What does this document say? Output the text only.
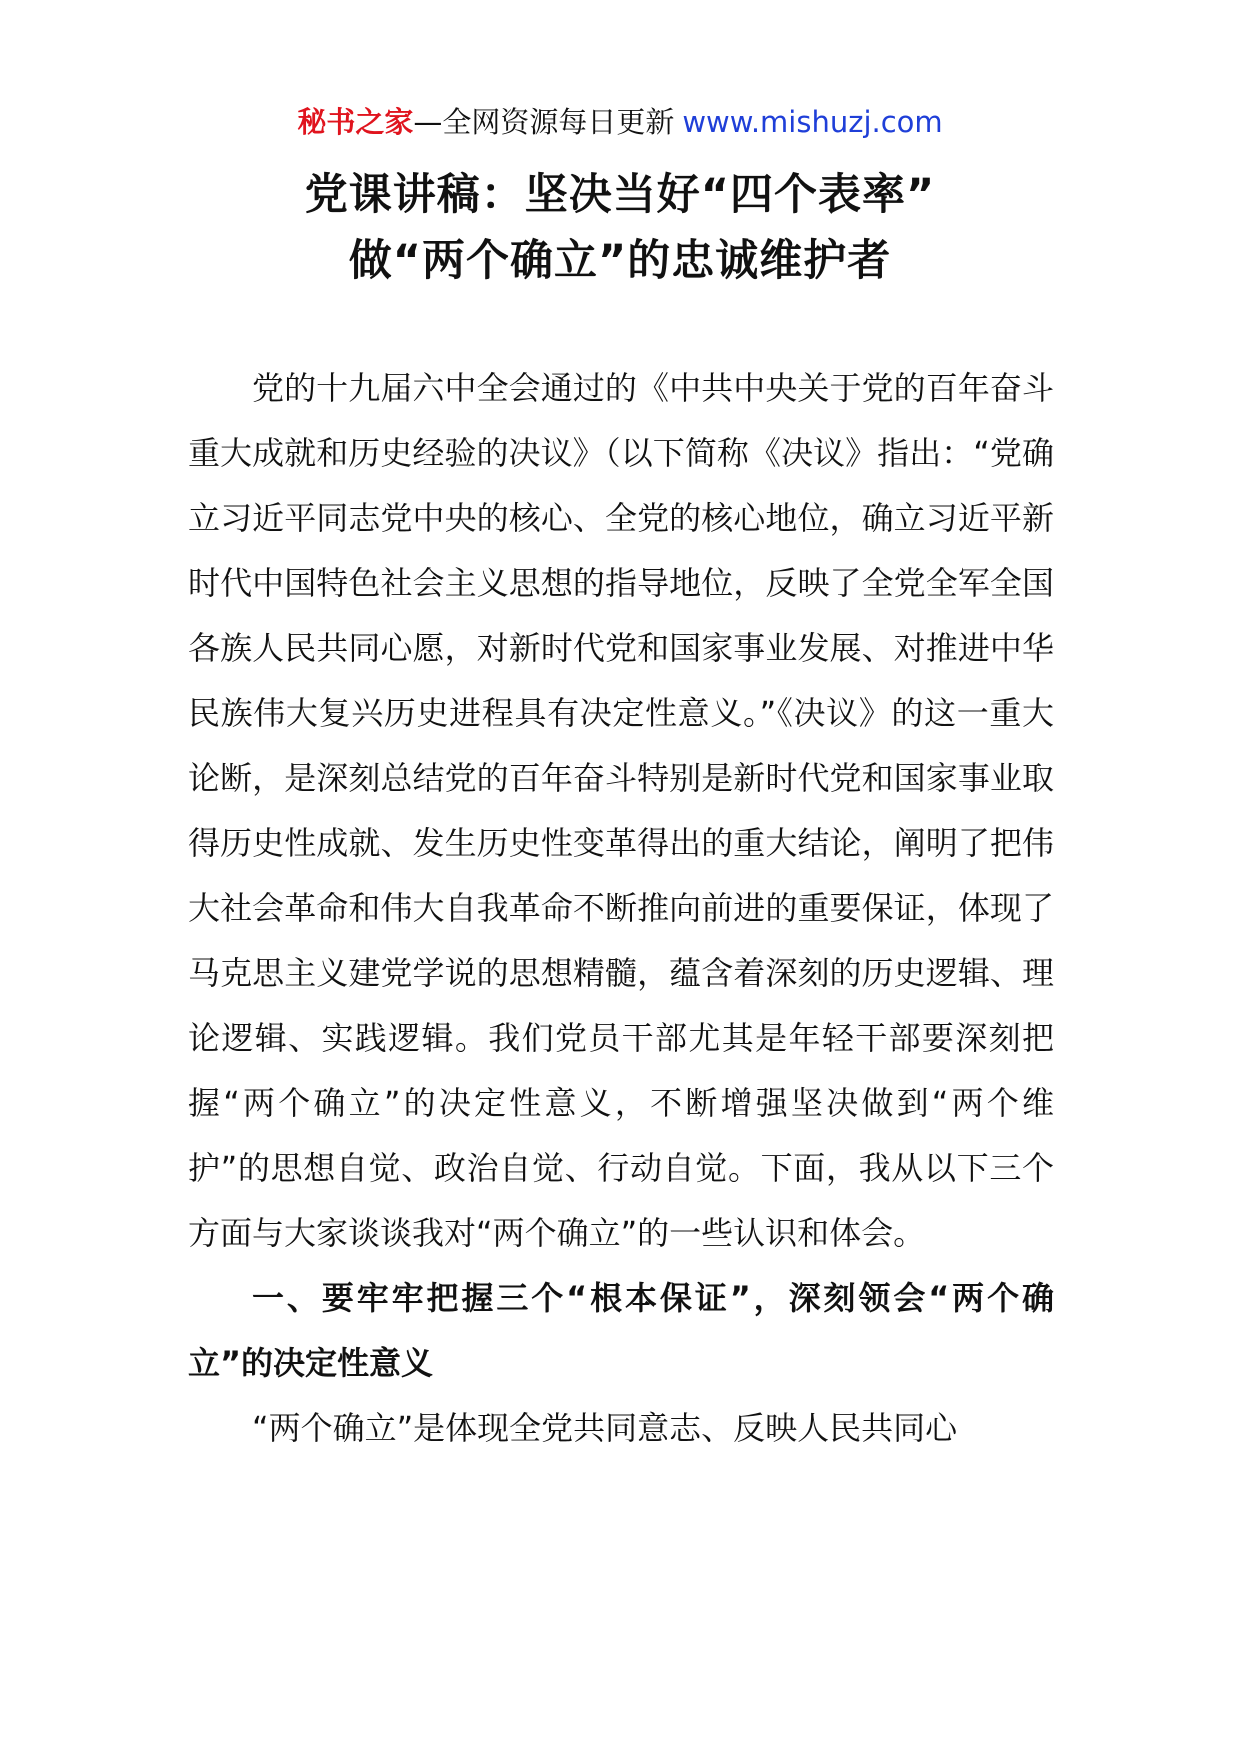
秘书之家—全网资源每日更新 www.mishuzj.com
党课讲稿：坚决当好“四个表率”
做“两个确立”的忠诚维护者

党的十九届六中全会通过的《中共中央关于党的百年奋斗重大成就和历史经验的决议》（以下简称《决议》指出：“党确立习近平同志党中央的核心、全党的核心地位，确立习近平新时代中国特色社会主义思想的指导地位，反映了全党全军全国各族人民共同心愿，对新时代党和国家事业发展、对推进中华民族伟大复兴历史进程具有决定性意义。”《决议》的这一重大论断，是深刻总结党的百年奋斗特别是新时代党和国家事业取得历史性成就、发生历史性变革得出的重大结论，阐明了把伟大社会革命和伟大自我革命不断推向前进的重要保证，体现了马克思主义建党学说的思想精髓，蕴含着深刻的历史逻辑、理论逻辑、实践逻辑。我们党员干部尤其是年轻干部要深刻把握“两个确立”的决定性意义，不断增强坚决做到“两个维护”的思想自觉、政治自觉、行动自觉。下面，我从以下三个方面与大家谈谈我对“两个确立”的一些认识和体会。

一、要牢牢把握三个“根本保证”，深刻领会“两个确立”的决定性意义

“两个确立”是体现全党共同意志、反映人民共同心
